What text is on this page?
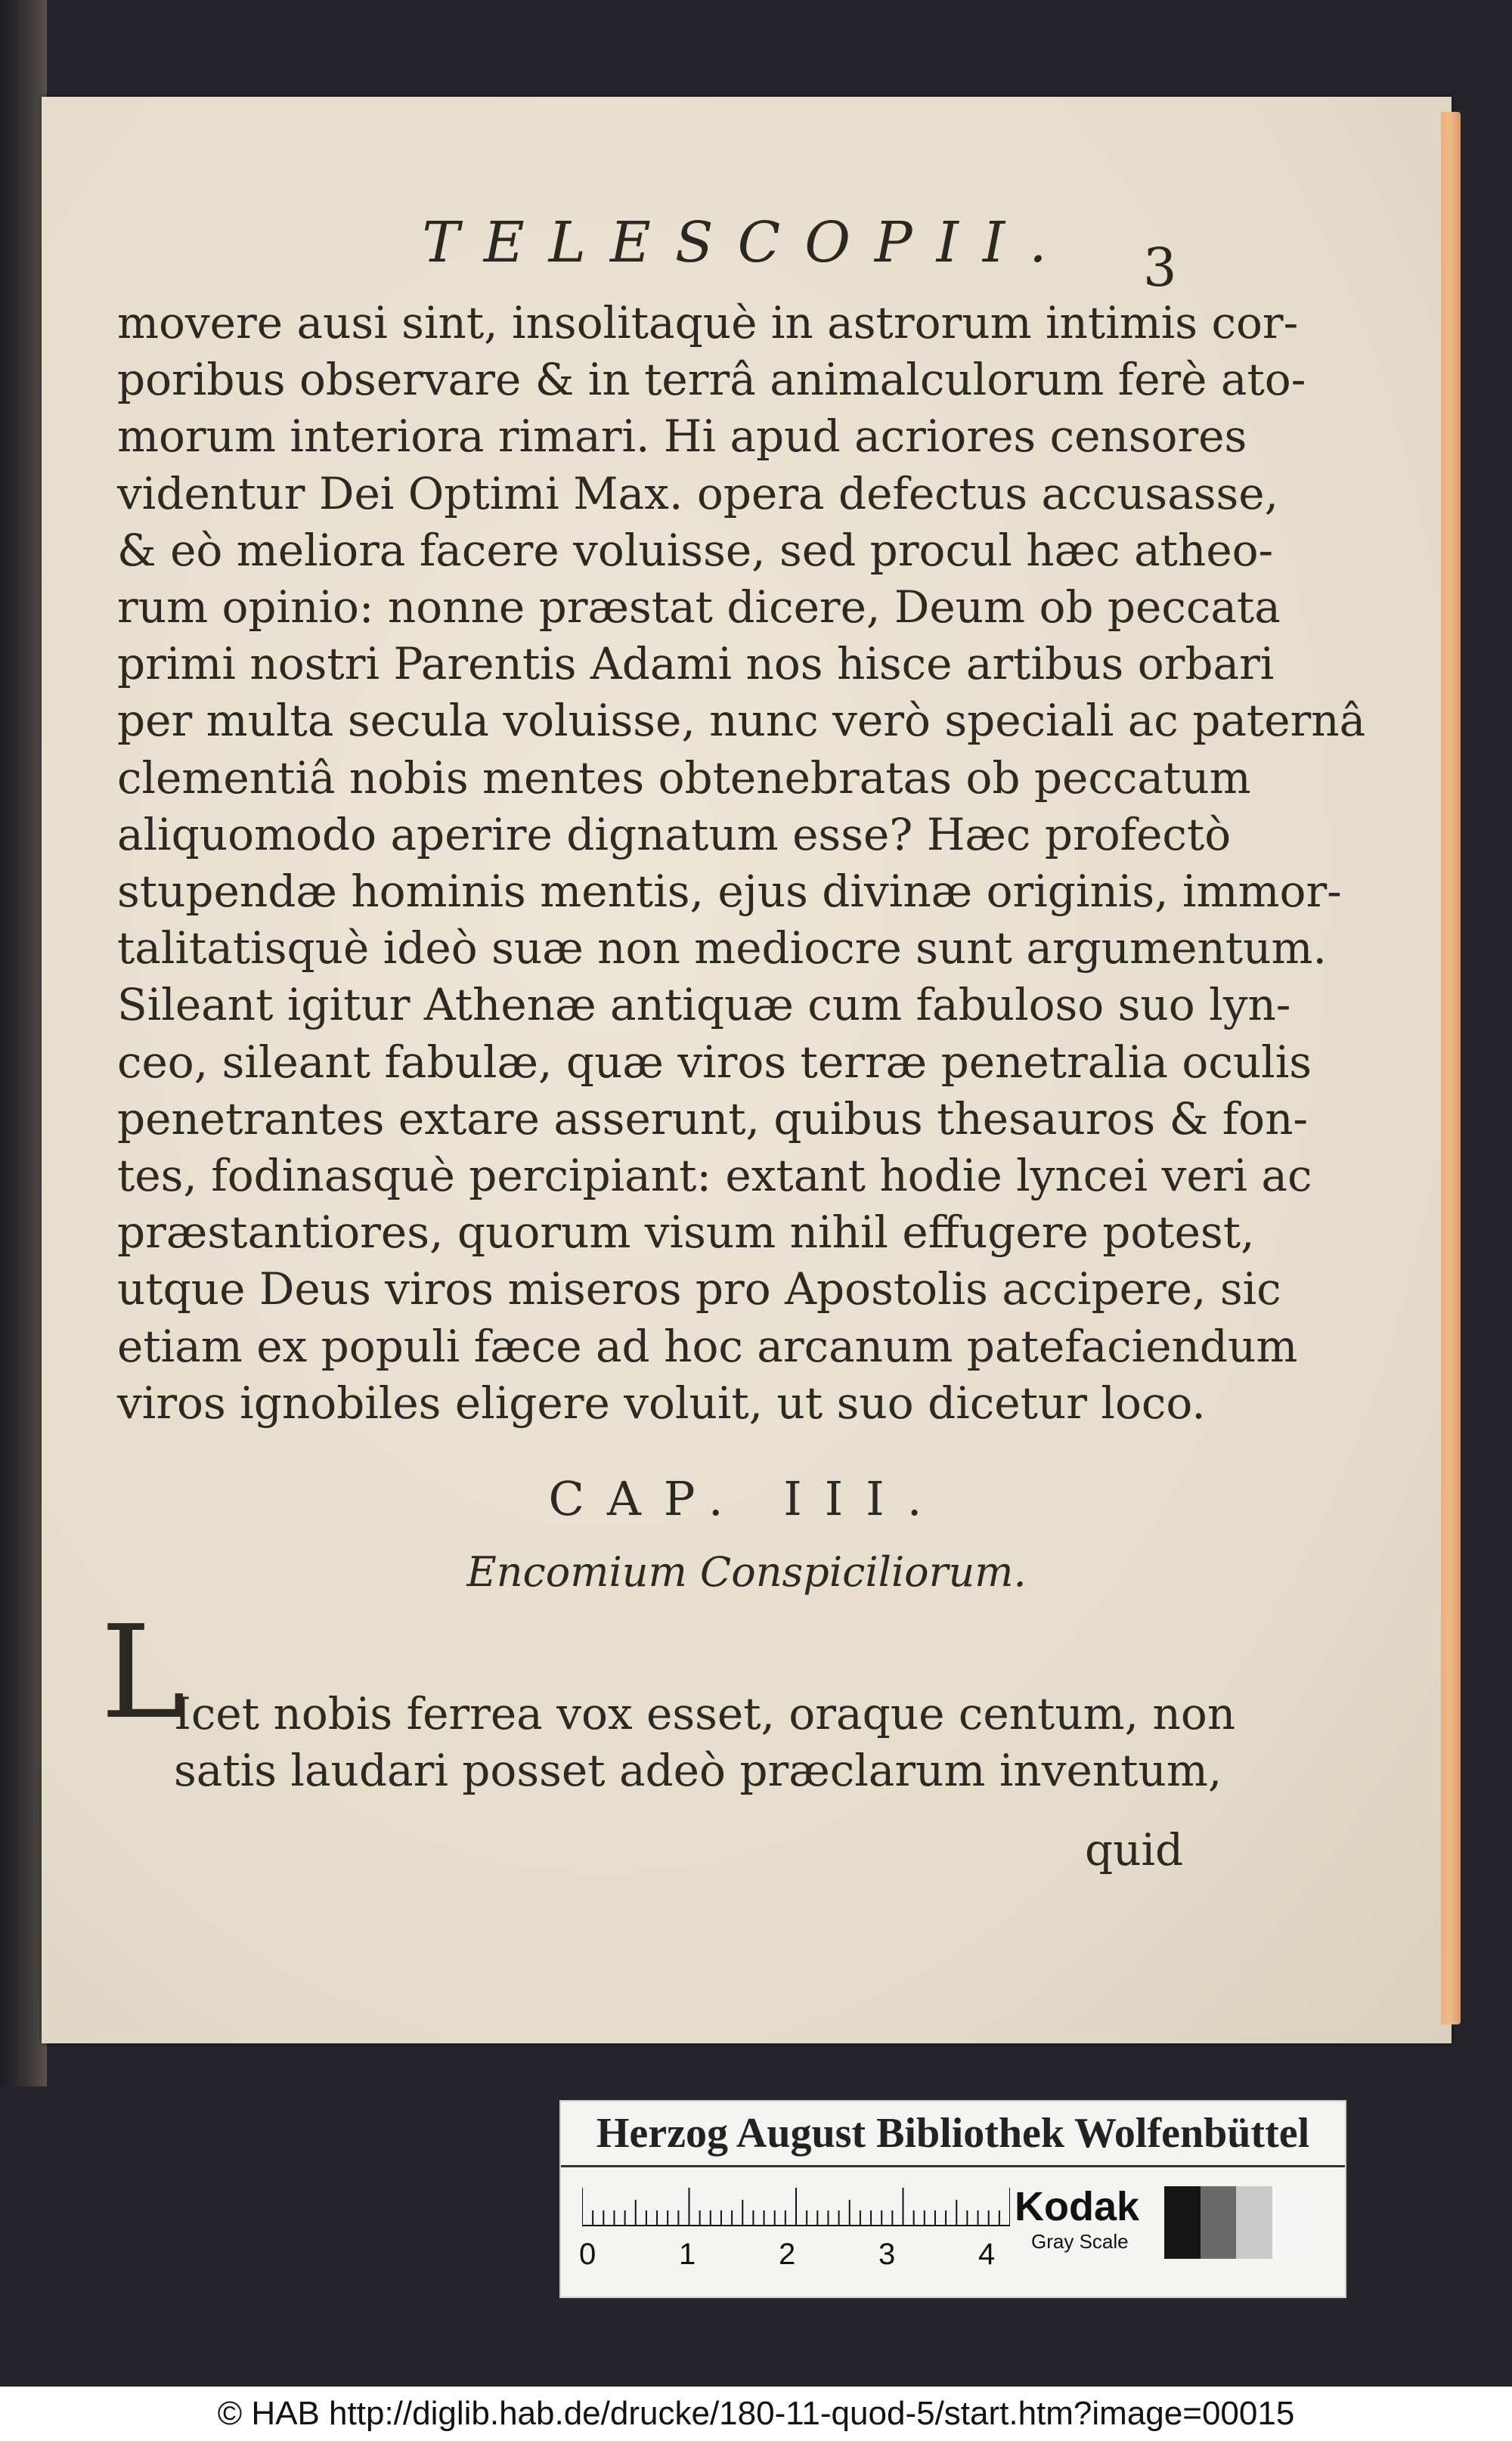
TELESCOPII.	3
movere ausi sint, insolitaquè in astrorum intimis cor-
poribus observare & in terrâ animalculorum ferè ato-
morum interiora rimari. Hi apud acriores censores
videntur Dei Optimi Max. opera defectus accusasse,
& eò meliora facere voluisse, sed procul hæc atheo-
rum opinio: nonne præstat dicere, Deum ob peccata
primi nostri Parentis Adami nos hisce artibus orbari
per multa secula voluisse, nunc verò speciali ac paternâ
clementiâ nobis mentes obtenebratas ob peccatum
aliquomodo aperire dignatum esse? Hæc profectò
stupendæ hominis mentis, ejus divinæ originis, immor-
talitatisquè ideò suæ non mediocre sunt argumentum.
Sileant igitur Athenæ antiquæ cum fabuloso suo lyn-
ceo, sileant fabulæ, quæ viros terræ penetralia oculis
penetrantes extare asserunt, quibus thesauros & fon-
tes, fodinasquè percipiant: extant hodie lyncei veri ac
præstantiores, quorum visum nihil effugere potest,
utque Deus viros miseros pro Apostolis accipere, sic
etiam ex populi fæce ad hoc arcanum patefaciendum
viros ignobiles eligere voluit, ut suo dicetur loco.
CAP. III.
Encomium Conspiciliorum.
L
Icet nobis ferrea vox esset, oraque centum, non
satis laudari posset adeò præclarum inventum,
quid
Herzog August Bibliothek Wolfenbüttel
0	1	2	3	4
Kodak
Gray Scale
© HAB http://diglib.hab.de/drucke/180-11-quod-5/start.htm?image=00015
